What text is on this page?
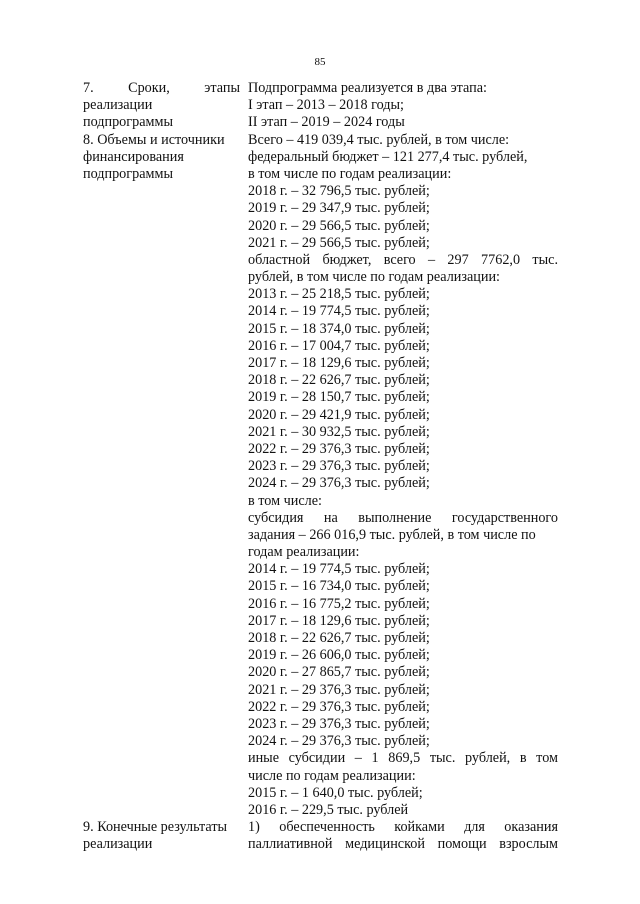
85
7. Сроки, этапы
реализации
подпрограммы
Подпрограмма реализуется в два этапа:
I этап – 2013 – 2018 годы;
II этап – 2019 – 2024 годы
8. Объемы и источники
финансирования
подпрограммы
Всего – 419 039,4 тыс. рублей, в том числе:
федеральный бюджет – 121 277,4 тыс. рублей,
в том числе по годам реализации:
2018 г. – 32 796,5 тыс. рублей;
2019 г. – 29 347,9 тыс. рублей;
2020 г. – 29 566,5 тыс. рублей;
2021 г. – 29 566,5 тыс. рублей;
областной бюджет, всего – 297 7762,0 тыс.
рублей, в том числе по годам реализации:
2013 г. – 25 218,5 тыс. рублей;
2014 г. – 19 774,5 тыс. рублей;
2015 г. – 18 374,0 тыс. рублей;
2016 г. – 17 004,7 тыс. рублей;
2017 г. – 18 129,6 тыс. рублей;
2018 г. – 22 626,7 тыс. рублей;
2019 г. – 28 150,7 тыс. рублей;
2020 г. – 29 421,9 тыс. рублей;
2021 г. – 30 932,5 тыс. рублей;
2022 г. – 29 376,3 тыс. рублей;
2023 г. – 29 376,3 тыс. рублей;
2024 г. – 29 376,3 тыс. рублей;
в том числе:
субсидия на выполнение государственного
задания – 266 016,9 тыс. рублей, в том числе по
годам реализации:
2014 г. – 19 774,5 тыс. рублей;
2015 г. – 16 734,0 тыс. рублей;
2016 г. – 16 775,2 тыс. рублей;
2017 г. – 18 129,6 тыс. рублей;
2018 г. – 22 626,7 тыс. рублей;
2019 г. – 26 606,0 тыс. рублей;
2020 г. – 27 865,7 тыс. рублей;
2021 г. – 29 376,3 тыс. рублей;
2022 г. – 29 376,3 тыс. рублей;
2023 г. – 29 376,3 тыс. рублей;
2024 г. – 29 376,3 тыс. рублей;
иные субсидии – 1 869,5 тыс. рублей, в том
числе по годам реализации:
2015 г. – 1 640,0 тыс. рублей;
2016 г. – 229,5 тыс. рублей
9. Конечные результаты
реализации
1) обеспеченность койками для оказания
паллиативной медицинской помощи взрослым
